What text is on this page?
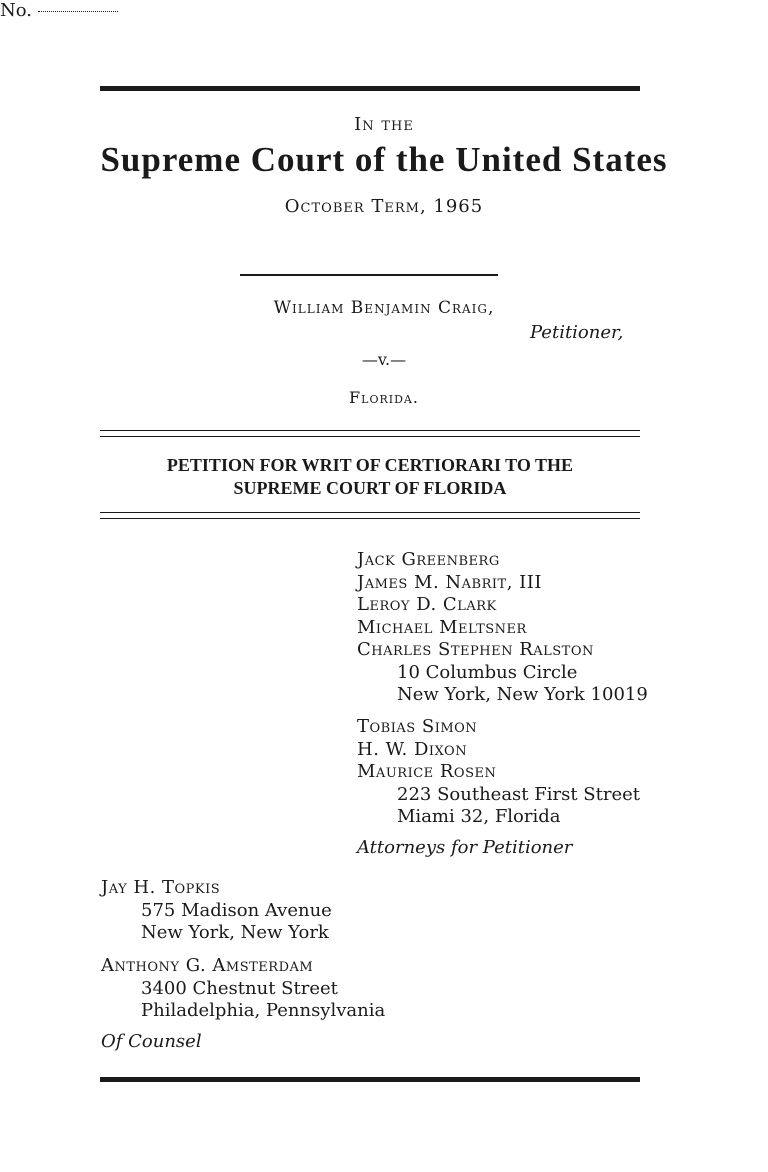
In the
Supreme Court of the United States
October Term, 1965
No.
William Benjamin Craig,
Petitioner,
—v.—
Florida.
PETITION FOR WRIT OF CERTIORARI TO THE
SUPREME COURT OF FLORIDA
Jack Greenberg
James M. Nabrit, III
Leroy D. Clark
Michael Meltsner
Charles Stephen Ralston
10 Columbus Circle
New York, New York 10019
Tobias Simon
H. W. Dixon
Maurice Rosen
223 Southeast First Street
Miami 32, Florida
Attorneys for Petitioner
Jay H. Topkis
575 Madison Avenue
New York, New York
Anthony G. Amsterdam
3400 Chestnut Street
Philadelphia, Pennsylvania
Of Counsel
